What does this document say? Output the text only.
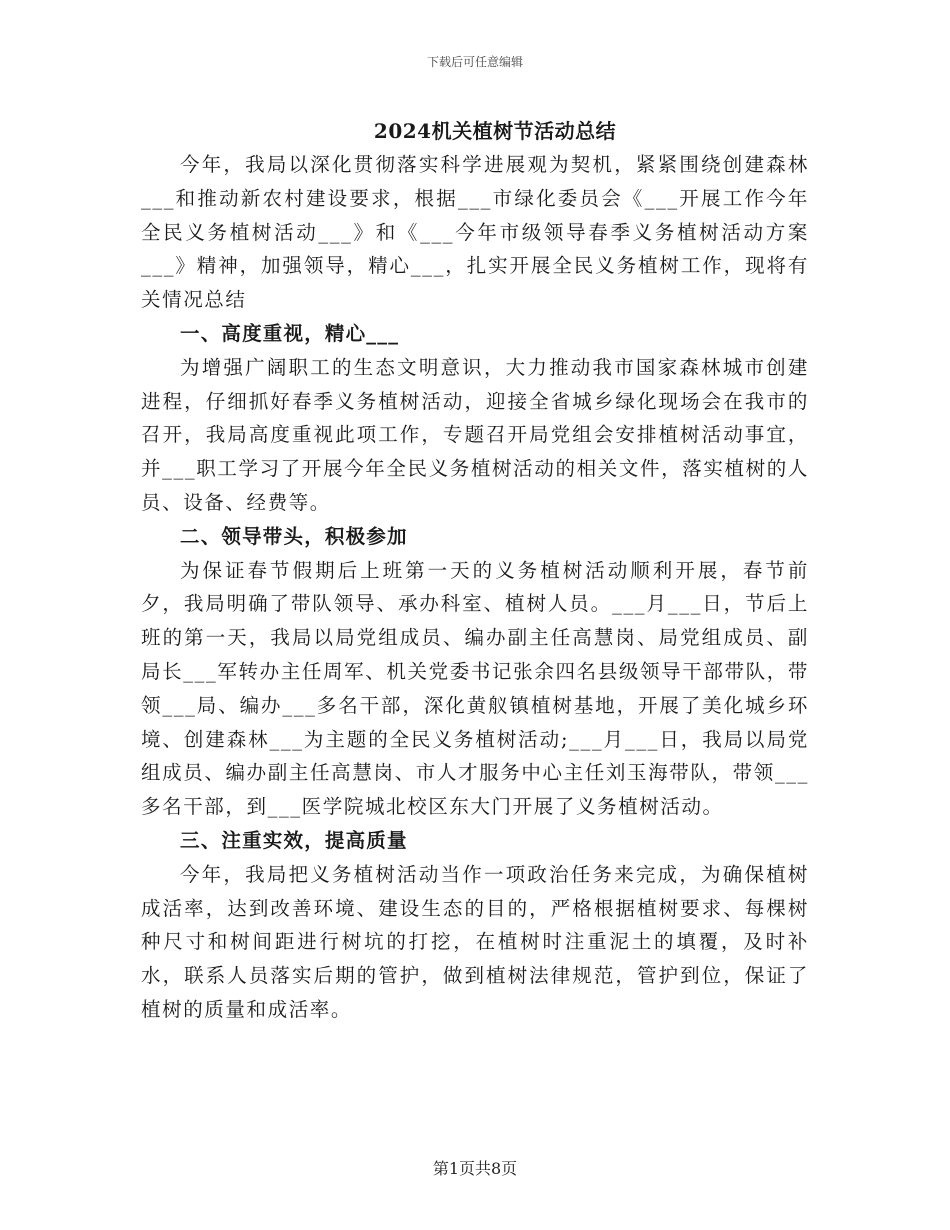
下载后可任意编辑
2024机关植树节活动总结

今年，我局以深化贯彻落实科学进展观为契机，紧紧围绕创建森林___和推动新农村建设要求，根据___市绿化委员会《___开展工作今年全民义务植树活动___》和《___今年市级领导春季义务植树活动方案___》精神，加强领导，精心___，扎实开展全民义务植树工作，现将有关情况总结

一、高度重视，精心___

为增强广阔职工的生态文明意识，大力推动我市国家森林城市创建进程，仔细抓好春季义务植树活动，迎接全省城乡绿化现场会在我市的召开，我局高度重视此项工作，专题召开局党组会安排植树活动事宜，并___职工学习了开展今年全民义务植树活动的相关文件，落实植树的人员、设备、经费等。

二、领导带头，积极参加

为保证春节假期后上班第一天的义务植树活动顺利开展，春节前夕，我局明确了带队领导、承办科室、植树人员。___月___日，节后上班的第一天，我局以局党组成员、编办副主任高慧岗、局党组成员、副局长___军转办主任周军、机关党委书记张余四名县级领导干部带队，带领___局、编办___多名干部，深化黄舣镇植树基地，开展了美化城乡环境、创建森林___为主题的全民义务植树活动;___月___日，我局以局党组成员、编办副主任高慧岗、市人才服务中心主任刘玉海带队，带领___多名干部，到___医学院城北校区东大门开展了义务植树活动。

三、注重实效，提高质量

今年，我局把义务植树活动当作一项政治任务来完成，为确保植树成活率，达到改善环境、建设生态的目的，严格根据植树要求、每棵树种尺寸和树间距进行树坑的打挖，在植树时注重泥土的填覆，及时补水，联系人员落实后期的管护，做到植树法律规范，管护到位，保证了植树的质量和成活率。

第1页共8页
